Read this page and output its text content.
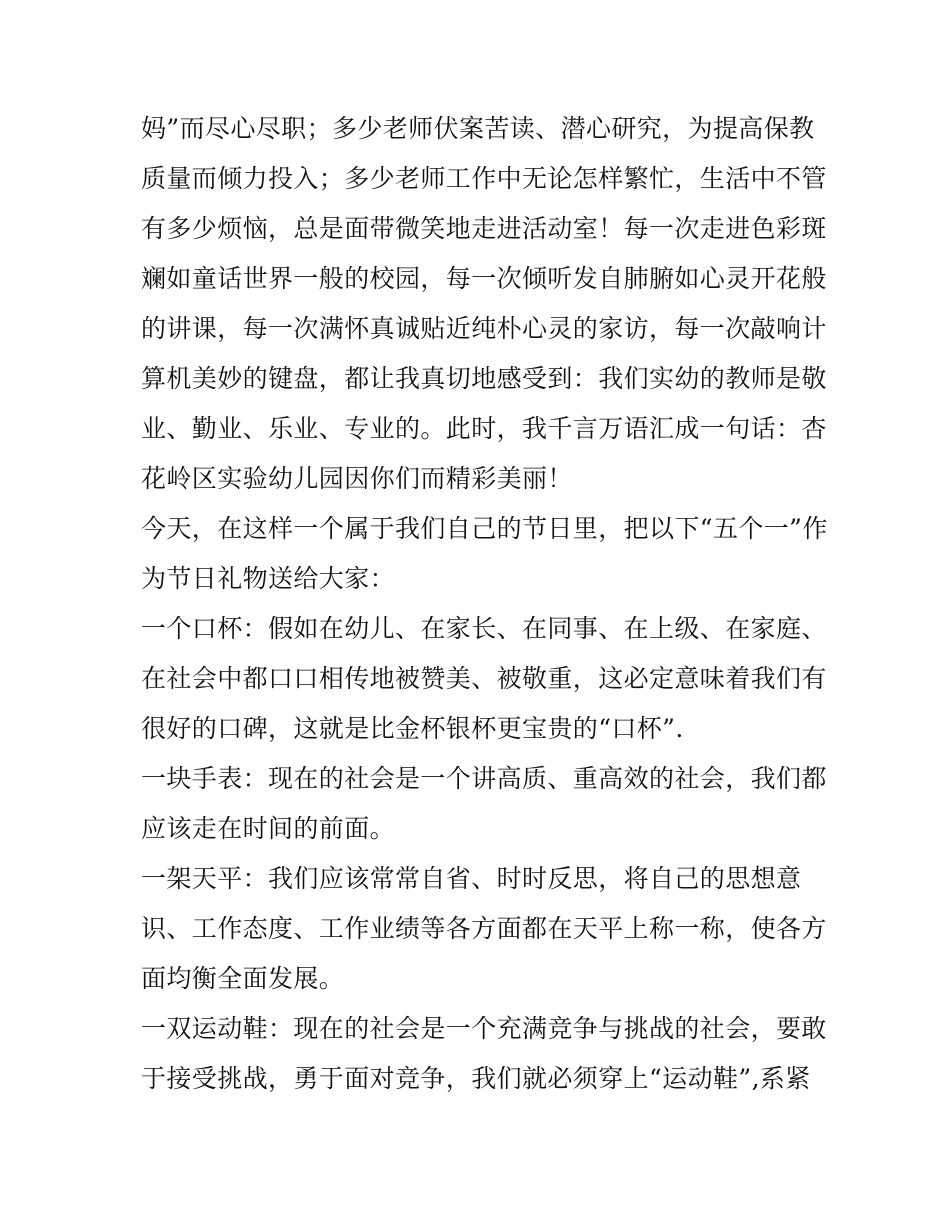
妈”而尽心尽职；多少老师伏案苦读、潜心研究，为提高保教
质量而倾力投入；多少老师工作中无论怎样繁忙，生活中不管
有多少烦恼，总是面带微笑地走进活动室！每一次走进色彩斑
斓如童话世界一般的校园，每一次倾听发自肺腑如心灵开花般
的讲课，每一次满怀真诚贴近纯朴心灵的家访，每一次敲响计
算机美妙的键盘，都让我真切地感受到：我们实幼的教师是敬
业、勤业、乐业、专业的。此时，我千言万语汇成一句话：杏
花岭区实验幼儿园因你们而精彩美丽！
今天，在这样一个属于我们自己的节日里，把以下“五个一”作
为节日礼物送给大家：
一个口杯：假如在幼儿、在家长、在同事、在上级、在家庭、
在社会中都口口相传地被赞美、被敬重，这必定意味着我们有
很好的口碑，这就是比金杯银杯更宝贵的“口杯”.
一块手表：现在的社会是一个讲高质、重高效的社会，我们都
应该走在时间的前面。
一架天平：我们应该常常自省、时时反思，将自己的思想意
识、工作态度、工作业绩等各方面都在天平上称一称，使各方
面均衡全面发展。
一双运动鞋：现在的社会是一个充满竞争与挑战的社会，要敢
于接受挑战，勇于面对竞争，我们就必须穿上“运动鞋”,系紧
